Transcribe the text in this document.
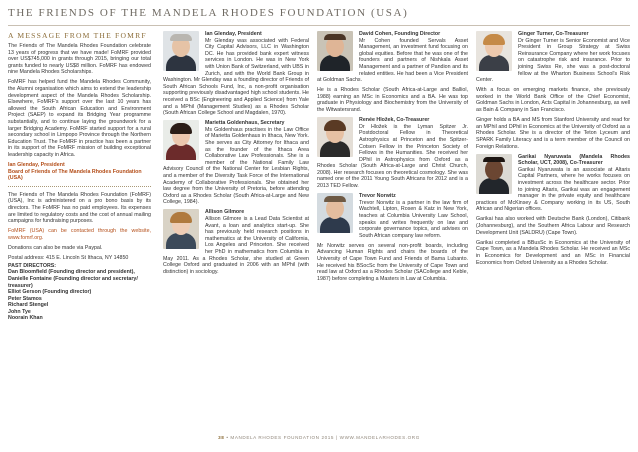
THE FRIENDS OF THE MANDELA RHODES FOUNDATION (USA)
A MESSAGE FROM THE FOMRF

The Friends of The Mandela Rhodes Foundation celebrate 13 years of progress that we have made! FoMRF provided over US$745,000 in grants through 2015, bringing our total grants funded to nearly US$8 million. FoMRF has endowed nine Mandela Rhodes Scholarships.

FoMRF has helped fund the Mandela Rhodes Community, the Alumni organisation which aims to extend the leadership development aspect of the Mandela Rhodes Scholarship. Elsewhere, FoMRF's support over the last 10 years has allowed the South African Education and Environment Project (SAEP) to expand its Bridging Year programme substantially, and to continue laying the groundwork for a larger Bridging Academy. FoMRF started support for a rural secondary school in Limpopo Province through the Northern Education Trust. The FoMRF in practice has been a partner in its support of the FoMRF mission of building exceptional leadership capacity in Africa.

Ian Glenday, President
Board of Friends of The Mandela Rhodes Foundation (USA)

The Friends of The Mandela Rhodes Foundation (FoMRF) (USA), Inc is administered on a pro bono basis by its directors. The FoMRF has no paid employees. Its expenses are limited to regulatory costs and the cost of annual mailing campaigns for fundraising purposes.

FoMRF (USA) can be contacted through the website, www.fomrf.org.

Donations can also be made via Paypal.

Postal address: 415 E. Lincoln St Ithaca, NY 14850

PAST DIRECTORS:
Dan Bloomfield (Founding director and president),
Danielle Fontaine (Founding director and secretary/ treasurer)
Elliot Gerson (Founding director)
Peter Stamos
Richard Stengel
John Tye
Noorain Khan

Ian Glenday, President
Mr Glenday was associated with Federal City Capital Advisors, LLC in Washington DC. He has provided bank expert witness services in London. He was in New York with Union Bank of Switzerland, with UBS in Zurich, and with the World Bank Group in Washington. Mr Glenday was a founding director of Friends of South African Schools Fund, Inc, a non-profit organisation supporting previously disadvantaged high school students. He received a BSc (Engineering and Applied Science) from Yale and a MPhil (Management Studies) as a Rhodes Scholar (South African College School and Magdalen, 1970).

Marietta Goldenhaus, Secretary
Ms Goldenhaus practises in the Law Office of Marietta Goldenhaus in Ithaca, New York. She serves as City Attorney for Ithaca and as the founder of the Ithaca Area Collaborative Law Professionals. She is a member of the National Family Law Advisory Council of the National Center for Lesbian Rights, and a member of the Diversity Task Force of the International Academy of Collaborative Professionals. She obtained her law degree from the University of Pretoria, before attending Oxford as a Rhodes Scholar (South Africa-at-Large and New College, 1984).

Allison Gilmore
Allison Gilmore is a Lead Data Scientist at Avant, a loan and analytics start-up. She has previously held research positions in mathematics at the University of California, Los Angeles and Princeton. She received her PhD in mathematics from Columbia in May 2011. As a Rhodes Scholar, she studied at Green College Oxford and graduated in 2006 with an MPhil (with distinction) in sociology.

David Cohen, Founding Director
Mr Cohen founded Servals Asset Management, an investment fund focusing on global equities. Before that he was one of the founders and partners of Nishkala Asset Management and a partner of Pandion and its related entities. He had been a Vice President at Goldman Sachs.

He is a Rhodes Scholar (South Africa-at-Large and Balliol, 1988) earning an MSc in Economics and a BA. He was top graduate in Physiology and Biochemistry from the University of the Witwatersrand.

Renée Hložek, Co-Treasurer
Dr Hložek is the Lyman Spitzer Jr. Postdoctoral Fellow in Theoretical Astrophysics at Princeton and the Spitzer-Cotsen Fellow in the Princeton Society of Fellows in the Humanities. She received her DPhil in Astrophysics from Oxford as a Rhodes Scholar (South Africa-at-Large and Christ Church, 2008). Her research focuses on theoretical cosmology. She was named one of the 2011 Young South Africans for 2012 and is a 2013 TED Fellow.

Trevor Norwitz
Trevor Norwitz is a partner in the law firm of Wachtell, Lipton, Rosen & Katz in New York, teaches at Columbia University Law School, speaks and writes frequently on law and corporate governance topics, and advises on South African company law reform.

Mr Norwitz serves on several non-profit boards, including Advancing Human Rights and chairs the boards of the University of Cape Town Fund and Friends of Bama Lubanto. He received his BSocSc from the University of Cape Town and read law at Oxford as a Rhodes Scholar (SACollege and Keble, 1987) before completing a Masters in Law at Columbia.

Ginger Turner, Co-Treasurer
Dr Ginger Turner is Senior Economist and Vice President in Group Strategy at Swiss Reinsurance Company where her work focuses on catastrophe risk and insurance. Prior to joining Swiss Re, she was a post-doctoral fellow at the Wharton Business School's Risk Center.

With a focus on emerging markets finance, she previously worked in the World Bank Office of the Chief Economist, Goldman Sachs in London, Acts Capital in Johannesburg, as well as Bain & Company in San Francisco.

Ginger holds a BA and MS from Stanford University and read for an MPhil and DPhil in Economics at the University of Oxford as a Rhodes Scholar. She is a director of the Teton Lyceum and SPARK Family Literacy and is a term member of the Council on Foreign Relations.

Garikai Nyaruwata (Mandela Rhodes Scholar, UCT, 2008), Co-Treasurer
Garikai Nyaruwata is an associate at Altaris Capital Partners, where he works focuses on investment across the healthcare sector. Prior to joining Altaris, Garikai was an engagement manager in the private equity and healthcare practices of McKinsey & Company working in its US, South African and Nigerian offices.

Garikai has also worked with Deutsche Bank (London), Citibank (Johannesburg), and the Southern Africa Labour and Research Development Unit (SALDRU) (Cape Town).

Garikai completed a BBusSc in Economics at the University of Cape Town, as a Mandela Rhodes Scholar. He received an MSc in Economics for Development and an MSc in Financial Economics from Oxford University as a Rhodes Scholar.

38 • MANDELA RHODES FOUNDATION 2015 | WWW.MANDELARHODES.ORG
